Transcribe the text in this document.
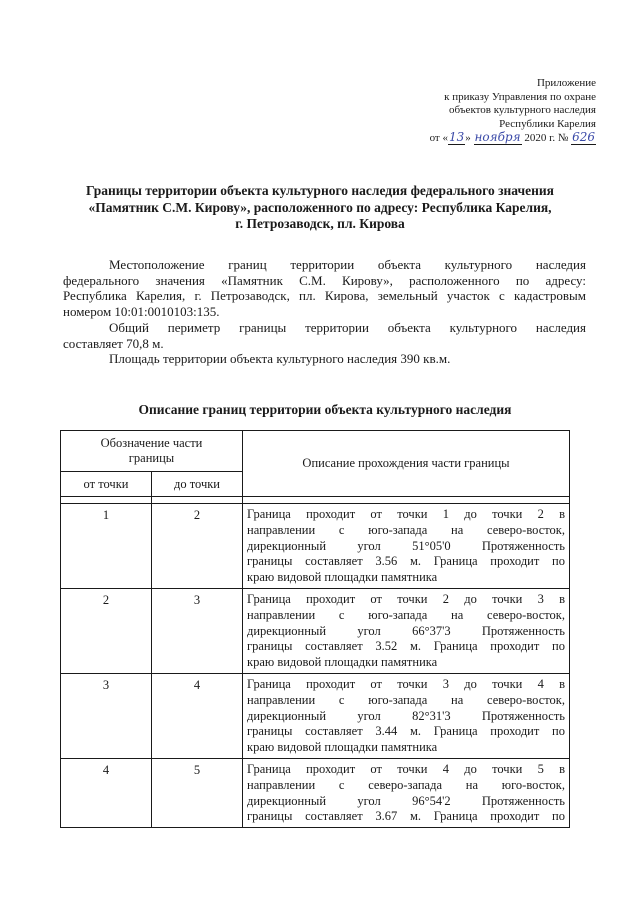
Приложение
к приказу Управления по охране
объектов культурного наследия
Республики Карелия
от «13» ноября 2020 г. № 626
Границы территории объекта культурного наследия федерального значения
«Памятник С.М. Кирову», расположенного по адресу: Республика Карелия,
г. Петрозаводск, пл. Кирова
Местоположение границ территории объекта культурного наследия
федерального значения «Памятник С.М. Кирову», расположенного по адресу:
Республика Карелия, г. Петрозаводск, пл. Кирова, земельный участок с кадастровым
номером 10:01:0010103:135.
Общий периметр границы территории объекта культурного наследия
составляет 70,8 м.
Площадь территории объекта культурного наследия 390 кв.м.
Описание границ территории объекта культурного наследия
Обозначение части
границы		Описание прохождения части границы
от точки	до точки	

1	2	Граница проходит от точки 1 до точки 2 в
направлении с юго-запада на северо-восток,
дирекционный угол 51°05'0 Протяженность
границы составляет 3.56 м. Граница проходит по
краю видовой площадки памятника

2	3	Граница проходит от точки 2 до точки 3 в
направлении с юго-запада на северо-восток,
дирекционный угол 66°37'3 Протяженность
границы составляет 3.52 м. Граница проходит по
краю видовой площадки памятника

3	4	Граница проходит от точки 3 до точки 4 в
направлении с юго-запада на северо-восток,
дирекционный угол 82°31'3 Протяженность
границы составляет 3.44 м. Граница проходит по
краю видовой площадки памятника

4	5	Граница проходит от точки 4 до точки 5 в
направлении с северо-запада на юго-восток,
дирекционный угол 96°54'2 Протяженность
границы составляет 3.67 м. Граница проходит по
